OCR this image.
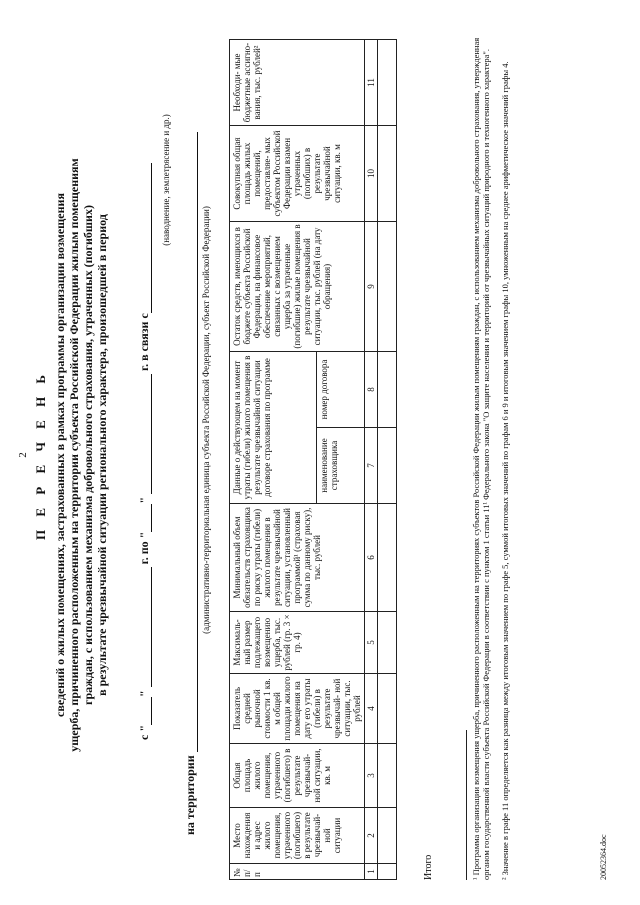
2 П Е Р Е Ч Е Н Ь сведений о жилых помещениях, застрахованных в рамках программы организации возмещения ущерба, причиненного расположенным на территории субъекта Российской Федерации жилым помещениям граждан, с использованием механизма добровольного страхования, утраченных (погибших) в результате чрезвычайной ситуации регионального характера, произошедшей в период
с ""  г. по ""  г. в связи с
(наводнение, землетрясение и др.)
на территории
(административно-территориальная единица субъекта Российской Федерации, субъект Российской Федерации)
№ п/п	Место нахождения и адрес жилого помещения, утраченного (погибшего) в результате чрезвычай- ной ситуации	Общая площадь жилого помещения, утраченного (погибшего) в результате чрезвычай- ной ситуации, кв. м	Показатель средней рыночной стоимости 1 кв. м общей площади жилого помещения на дату его утраты (гибели) в результате чрезвычай- ной ситуации, тыс. рублей	Максималь- ный размер подлежащего возмещению ущерба, тыс. рублей (гр. 3 × гр. 4)	Минимальный объем обязательств страховщика по риску утраты (гибели) жилого помещения в результате чрезвычайной ситуации, установленный программой¹ (страховая сумма по данному риску), тыс. рублей	Данные о действующем на момент утраты (гибели) жилого помещения в результате чрезвычайной ситуации договоре страхования по программе		Остаток средств, имеющихся в бюджете субъекта Российской Федерации, на финансовое обеспечение мероприятий, связанных с возмещением ущерба за утраченные (погибшие) жилые помещения в результате чрезвычайной ситуации, тыс. рублей (на дату обращения)	Совокупная общая площадь жилых помещений, предоставляе- мых субъектом Российской Федерации взамен утраченных (погибших) в результате чрезвычайной ситуации, кв. м	Необходи- мые бюджетные ассигно- вания, тыс. рублей²
						наименование страховщика	номер договора			
1	2	3	4	5	6	7	8	9	10	11

Итого	¹ Программа организации возмещения ущерба, причиненного расположенным на территориях субъектов Российской Федерации жилым помещениям граждан, с использованием механизма добровольного страхования, утвержденная органом государственной власти субъекта Российской Федерации в соответствии с пунктом 1 статьи 11¹ Федерального закона "О защите населения и территорий от чрезвычайных ситуаций природного и техногенного характера". ² Значение в графе 11 определяется как разница между итоговым значением по графе 5, суммой итоговых значений по графам 6 и 9 и итоговым значением графы 10, умноженным на среднее арифметическое значений графы 4.	20052364.doc
